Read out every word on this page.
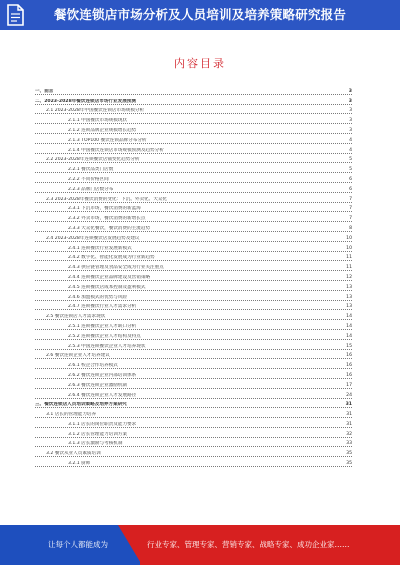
餐饮连锁店市场分析及人员培训及培养策略研究报告
内容目录
一、前言	3
二、2023-2028年餐饮连锁店市场行业发展预测	3
2.1 2023-2028年中国餐饮连锁店市场规模分析	3
2.1.1 中国餐饮市场规模现状	3
2.1.2 连锁品牌企业规模增长趋势	3
2.1.3 TOP100 餐饮连锁品牌分布分析	4
2.1.4 中国餐饮连锁店市场规模预测及趋势分析	4
2.2 2023-2028年连锁餐饮店铺变化趋势分析	5
2.2.1 餐饮品类门店数	5
2.2.2 不同价格区间	6
2.2.3 品牌门店数分布	6
2.3 2023-2028年餐饮消费的变化：下沉、外卖化、大众化	7
2.3.1 下沉市场，餐饮消费的新蓝海	7
2.3.2 外卖市场，餐饮消费的新增长点	7
2.3.3 大众化餐饮，餐饮消费的主流趋势	8
2.4 2023-2028年连锁餐饮店发展趋势及建议	10
2.4.1 连锁餐饮行业发展新模式	10
2.4.2 数字化、智能化发展成为行业新趋势	11
2.4.3 供应链管理及食品安全成为行业关注重点	11
2.4.4 连锁餐饮企业品牌建设及营销策略	12
2.4.5 连锁餐饮店成本控制及盈利模式	13
2.4.6 加盟模式的优势与风险	13
2.4.7 连锁餐饮行业人才需求分析	13
2.5 餐饮连锁店人才需求现状	14
2.5.1 连锁餐饮企业人才缺口分析	14
2.5.2 连锁餐饮企业人才结构及特点	14
2.5.3 中国连锁餐饮企业人才培养现状	15
2.6 餐饮连锁企业人才培养建议	16
2.6.1 校企合作培养模式	16
2.6.2 餐饮连锁企业内部培训体系	16
2.6.3 餐饮连锁企业激励机制	17
2.6.4 餐饮连锁企业人才发展路径	24
三、餐饮连锁店人员培训策略及培养方案研究	31
3.1 店长的管理能力培养	31
3.1.1 店长的岗位职责及能力要求	31
3.1.2 店长管理能力培训方案	32
3.1.3 店长激励与考核机制	33
3.2 餐饮从业人员素质培训	35
3.2.1 厨师	35
让每个人都能成为	行业专家、管理专家、营销专家、战略专家、成功企业家……
